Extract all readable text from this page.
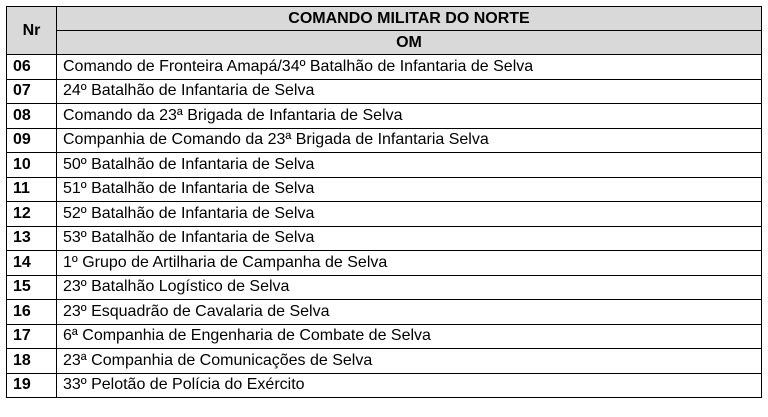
Nr	COMANDO MILITAR DO NORTE
	OM
06	Comando de Fronteira Amapá/34º Batalhão de Infantaria de Selva
07	24º Batalhão de Infantaria de Selva
08	Comando da 23ª Brigada de Infantaria de Selva
09	Companhia de Comando da 23ª Brigada de Infantaria Selva
10	50º Batalhão de Infantaria de Selva
11	51º Batalhão de Infantaria de Selva
12	52º Batalhão de Infantaria de Selva
13	53º Batalhão de Infantaria de Selva
14	1º Grupo de Artilharia de Campanha de Selva
15	23º Batalhão Logístico de Selva
16	23º Esquadrão de Cavalaria de Selva
17	6ª Companhia de Engenharia de Combate de Selva
18	23ª Companhia de Comunicações de Selva
19	33º Pelotão de Polícia do Exército
